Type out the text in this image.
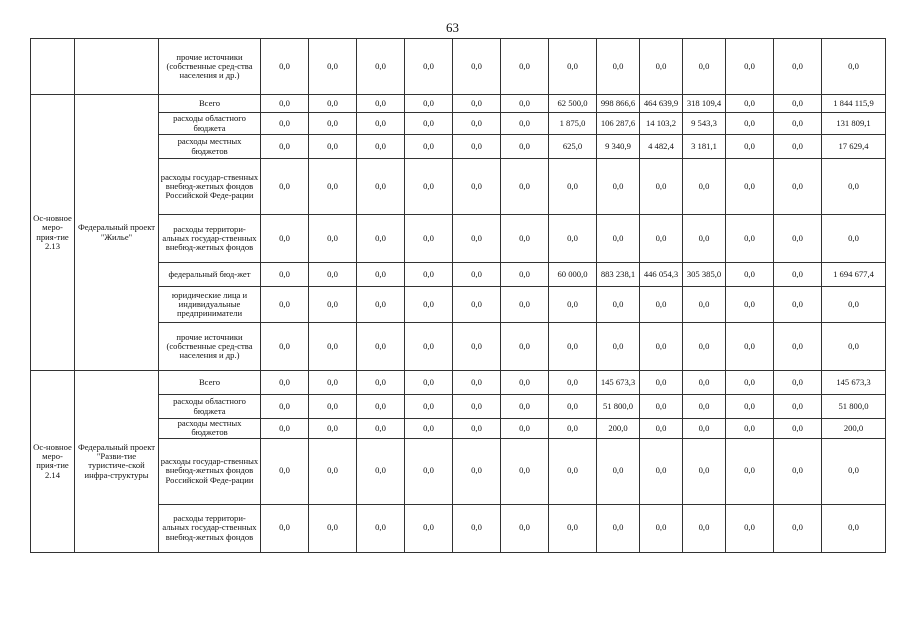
63
		прочие источники (собственные сред-ства населения и др.)	0,0	0,0	0,0	0,0	0,0	0,0	0,0	0,0	0,0	0,0	0,0	0,0	0,0
Ос-новное меро-прия-тие 2.13	Федеральный проект "Жилье"	Всего	0,0	0,0	0,0	0,0	0,0	0,0	62 500,0	998 866,6	464 639,9	318 109,4	0,0	0,0	1 844 115,9
		расходы областного бюджета	0,0	0,0	0,0	0,0	0,0	0,0	1 875,0	106 287,6	14 103,2	9 543,3	0,0	0,0	131 809,1
		расходы местных бюджетов	0,0	0,0	0,0	0,0	0,0	0,0	625,0	9 340,9	4 482,4	3 181,1	0,0	0,0	17 629,4
		расходы государ-ственных внебюд-жетных фондов Российской Феде-рации	0,0	0,0	0,0	0,0	0,0	0,0	0,0	0,0	0,0	0,0	0,0	0,0	0,0
		расходы территори-альных государ-ственных внебюд-жетных фондов	0,0	0,0	0,0	0,0	0,0	0,0	0,0	0,0	0,0	0,0	0,0	0,0	0,0
		федеральный бюд-жет	0,0	0,0	0,0	0,0	0,0	0,0	60 000,0	883 238,1	446 054,3	305 385,0	0,0	0,0	1 694 677,4
		юридические лица и индивидуальные предприниматели	0,0	0,0	0,0	0,0	0,0	0,0	0,0	0,0	0,0	0,0	0,0	0,0	0,0
		прочие источники (собственные сред-ства населения и др.)	0,0	0,0	0,0	0,0	0,0	0,0	0,0	0,0	0,0	0,0	0,0	0,0	0,0
Ос-новное меро-прия-тие 2.14	Федеральный проект "Разви-тие туристиче-ской инфра-структуры	Всего	0,0	0,0	0,0	0,0	0,0	0,0	0,0	145 673,3	0,0	0,0	0,0	0,0	145 673,3
		расходы областного бюджета	0,0	0,0	0,0	0,0	0,0	0,0	0,0	51 800,0	0,0	0,0	0,0	0,0	51 800,0
		расходы местных бюджетов	0,0	0,0	0,0	0,0	0,0	0,0	0,0	200,0	0,0	0,0	0,0	0,0	200,0
		расходы государ-ственных внебюд-жетных фондов Российской Феде-рации	0,0	0,0	0,0	0,0	0,0	0,0	0,0	0,0	0,0	0,0	0,0	0,0	0,0
		расходы территори-альных государ-ственных внебюд-жетных фондов	0,0	0,0	0,0	0,0	0,0	0,0	0,0	0,0	0,0	0,0	0,0	0,0	0,0
